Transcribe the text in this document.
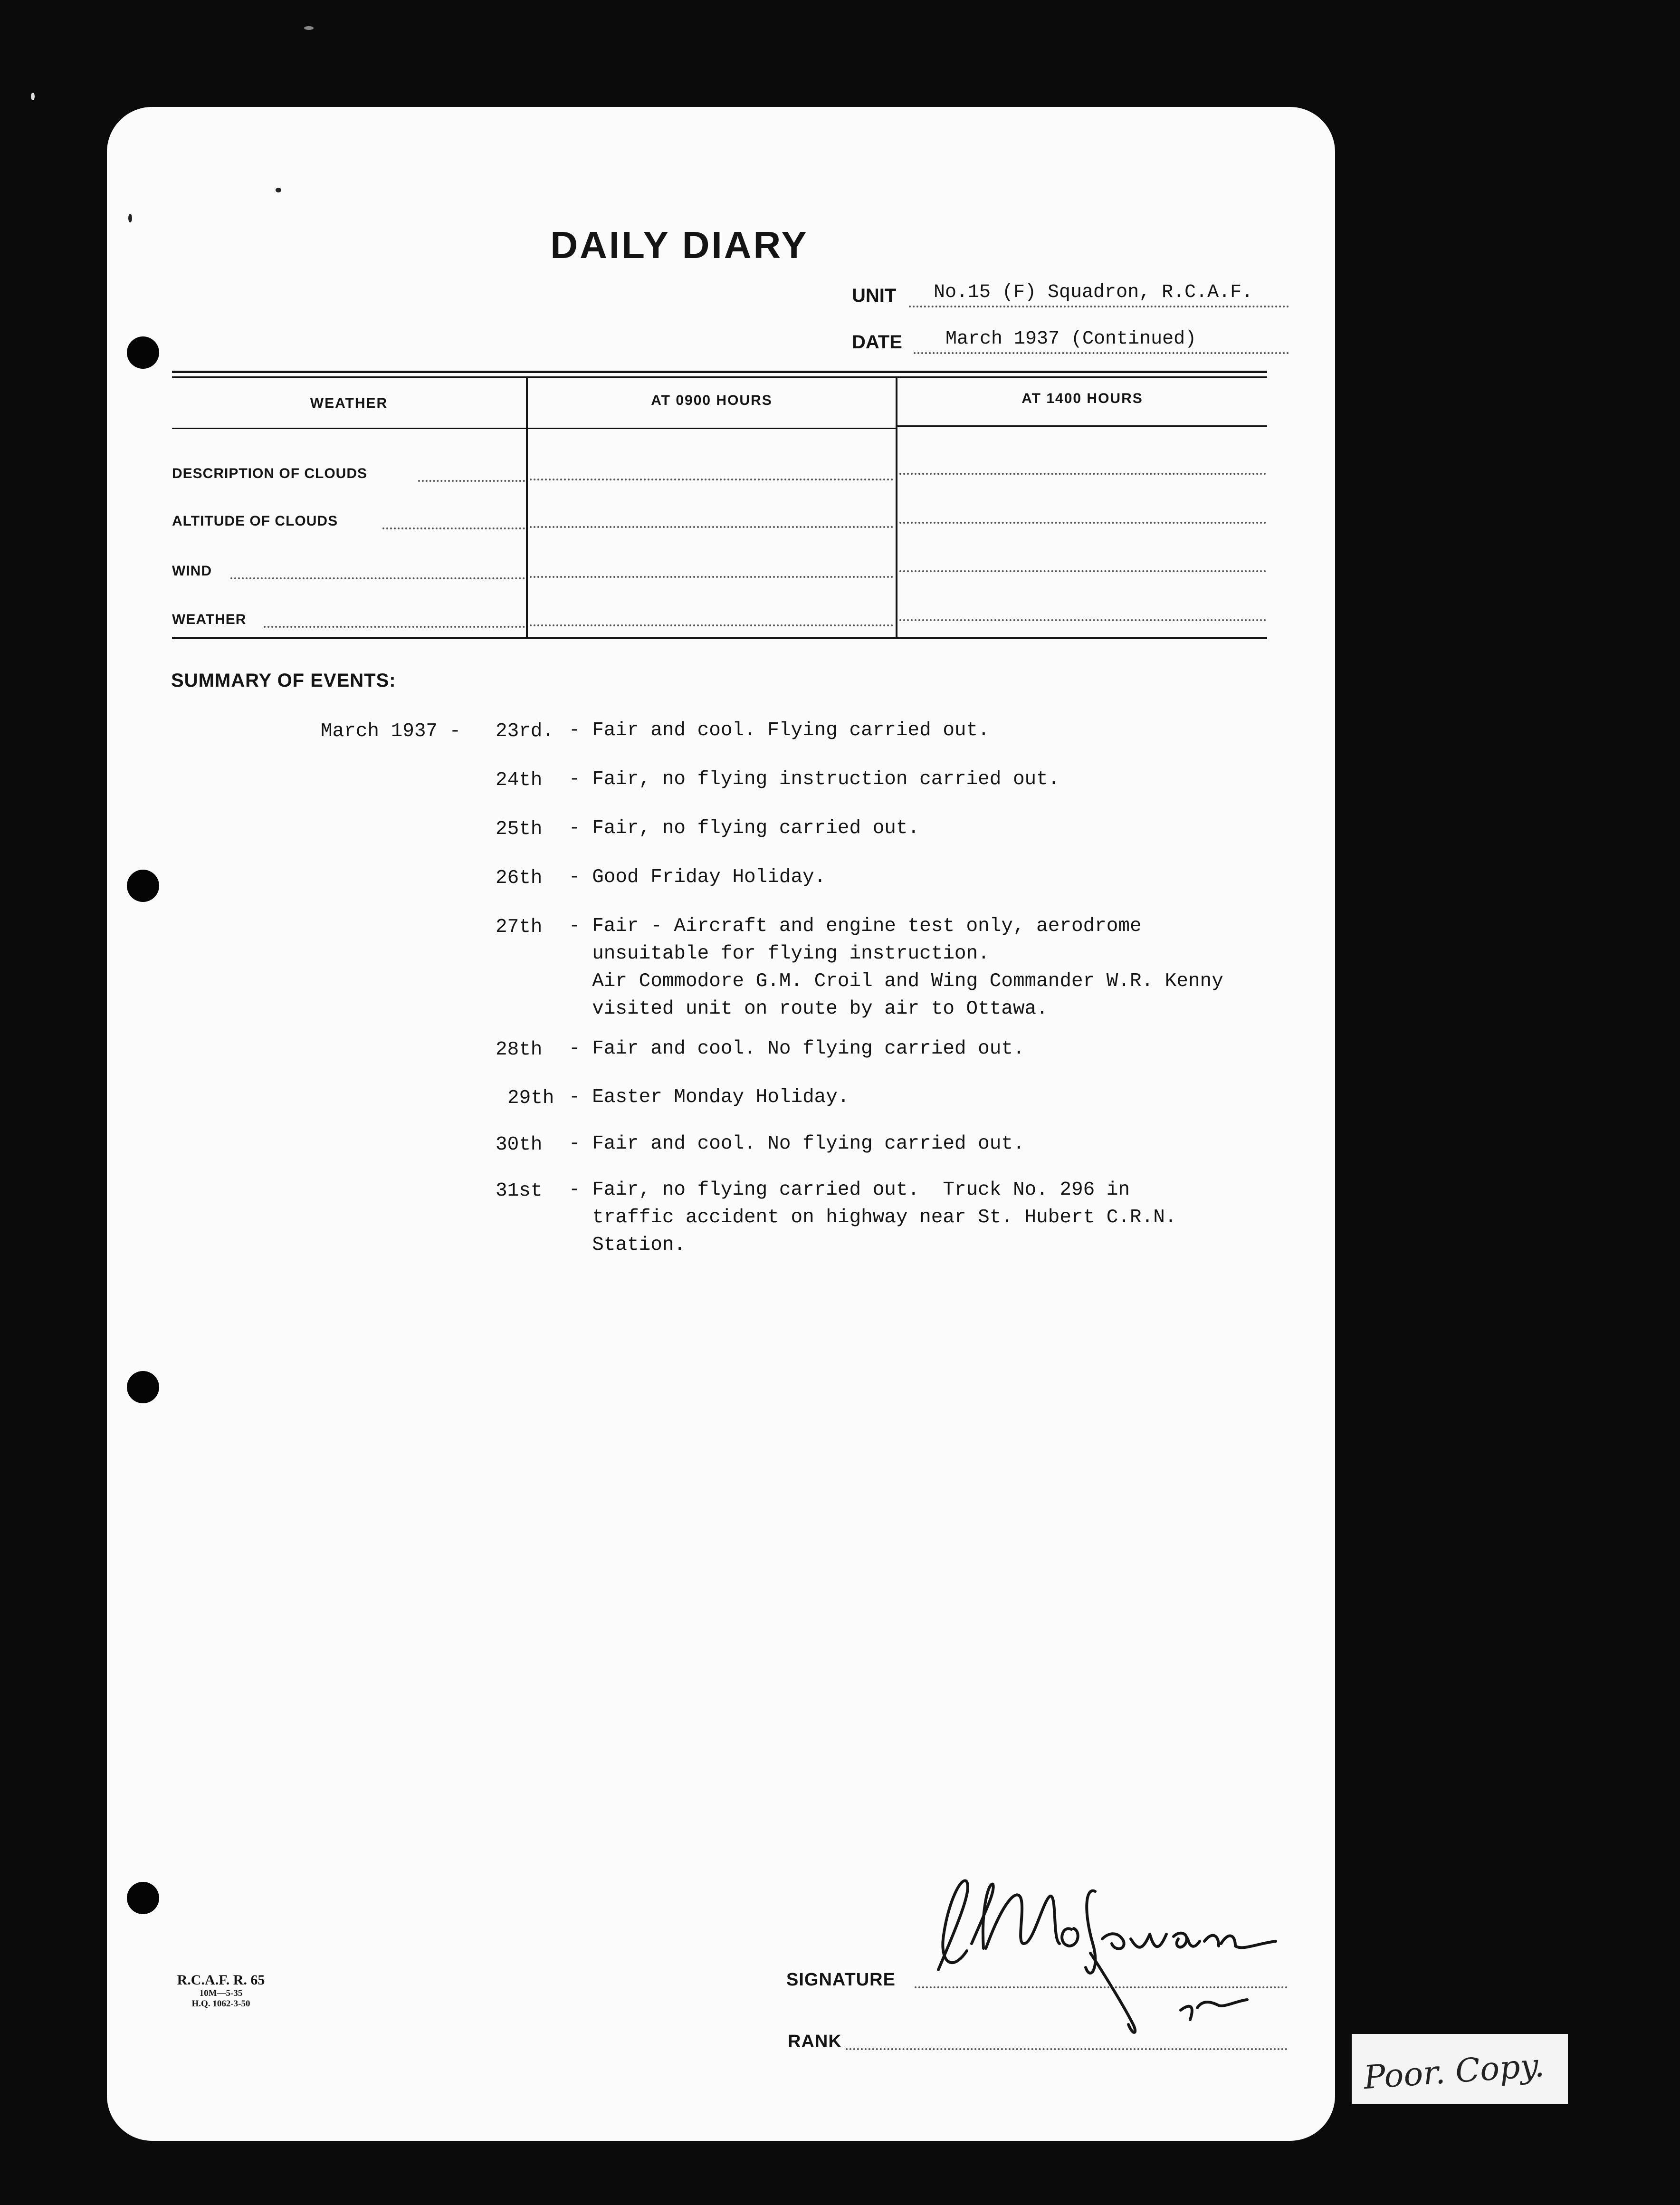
DAILY DIARY
UNIT No.15 (F) Squadron, R.C.A.F.
DATE March 1937 (Continued)
WEATHER	AT 0900 HOURS	AT 1400 HOURS
DESCRIPTION OF CLOUDS
ALTITUDE OF CLOUDS
WIND
WEATHER
SUMMARY OF EVENTS:
March 1937 - 23rd. - Fair and cool. Flying carried out.
24th - Fair, no flying instruction carried out.
25th - Fair, no flying carried out.
26th - Good Friday Holiday.
27th - Fair - Aircraft and engine test only, aerodrome
unsuitable for flying instruction.
Air Commodore G.M. Croil and Wing Commander W.R. Kenny
visited unit on route by air to Ottawa.
28th - Fair and cool. No flying carried out.
29th - Easter Monday Holiday.
30th - Fair and cool. No flying carried out.
31st - Fair, no flying carried out.  Truck No. 296 in
traffic accident on highway near St. Hubert C.R.N.
Station.
R.C.A.F. R. 65
10M—5-35
H.Q. 1062-3-50
SIGNATURE
RANK
Poor. Copy.
